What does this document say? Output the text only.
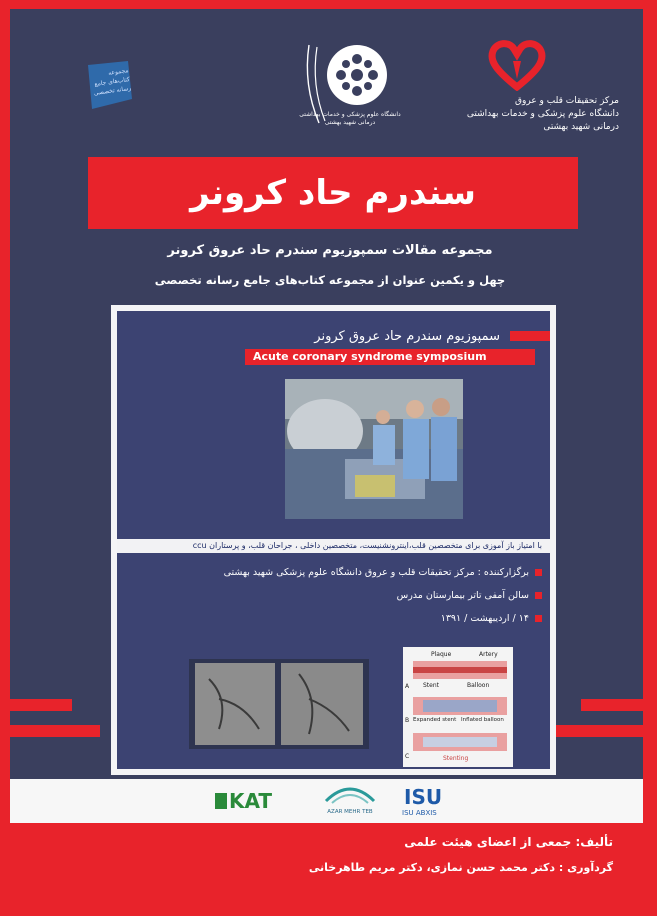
مرکز تحقیقات قلب و عروق
دانشگاه علوم پزشکی و خدمات بهداشتی
درمانی شهید بهشتی
دانشگاه علوم پزشکی و خدمات بهداشتی درمانی شهید بهشتی
مجموعه کتاب‌های جامع رسانه تخصصی
سندرم حاد کرونر
مجموعه مقالات سمپوزیوم سندرم حاد عروق کرونر
چهل و یکمین عنوان از مجموعه کتاب‌های جامع رسانه تخصصی
سمپوزیوم سندرم حاد عروق کرونر
Acute coronary syndrome symposium
با امتیاز باز آموزی برای متخصصین قلب،اینترونشنیست، متخصصین داخلی ، جراحان قلب، و پرستاران ccu
برگزارکننده : مرکز تحقیقات قلب و عروق دانشگاه علوم پزشکی شهید بهشتی
سالن آمفی تاتر بیمارستان مدرس
۱۴ / اردیبهشت / ۱۳۹۱
Plaque	Artery
A Stent	Balloon
B Expanded stent Inflated balloon
C	Stenting
KAT	AZAR MEHR TEB
ISU
ISU ABXIS
تألیف: جمعی از اعضای هیئت علمی
گردآوری : دکتر محمد حسن نمازی، دکتر مریم طاهرخانی
